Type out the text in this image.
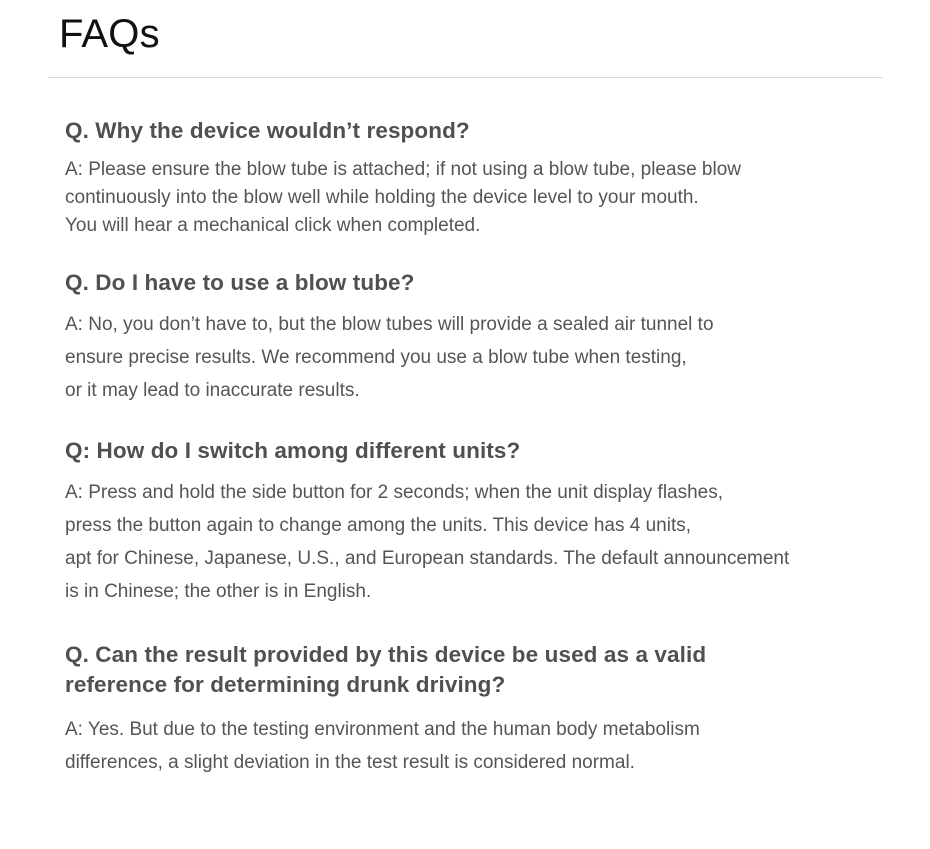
FAQs
Q. Why the device wouldn’t respond?

A: Please ensure the blow tube is attached; if not using a blow tube, please blow

continuously into the blow well while holding the device level to your mouth.

You will hear a mechanical click when completed.

Q. Do I have to use a blow tube?

A: No, you don’t have to, but the blow tubes will provide a sealed air tunnel to

ensure precise results. We recommend you use a blow tube when testing,

or it may lead to inaccurate results.

Q: How do I switch among different units?

A: Press and hold the side button for 2 seconds; when the unit display flashes,

press the button again to change among the units. This device has 4 units,

apt for Chinese, Japanese, U.S., and European standards. The default announcement

is in Chinese; the other is in English.

Q. Can the result provided by this device be used as a valid
reference for determining drunk driving?

A: Yes. But due to the testing environment and the human body metabolism

differences, a slight deviation in the test result is considered normal.
